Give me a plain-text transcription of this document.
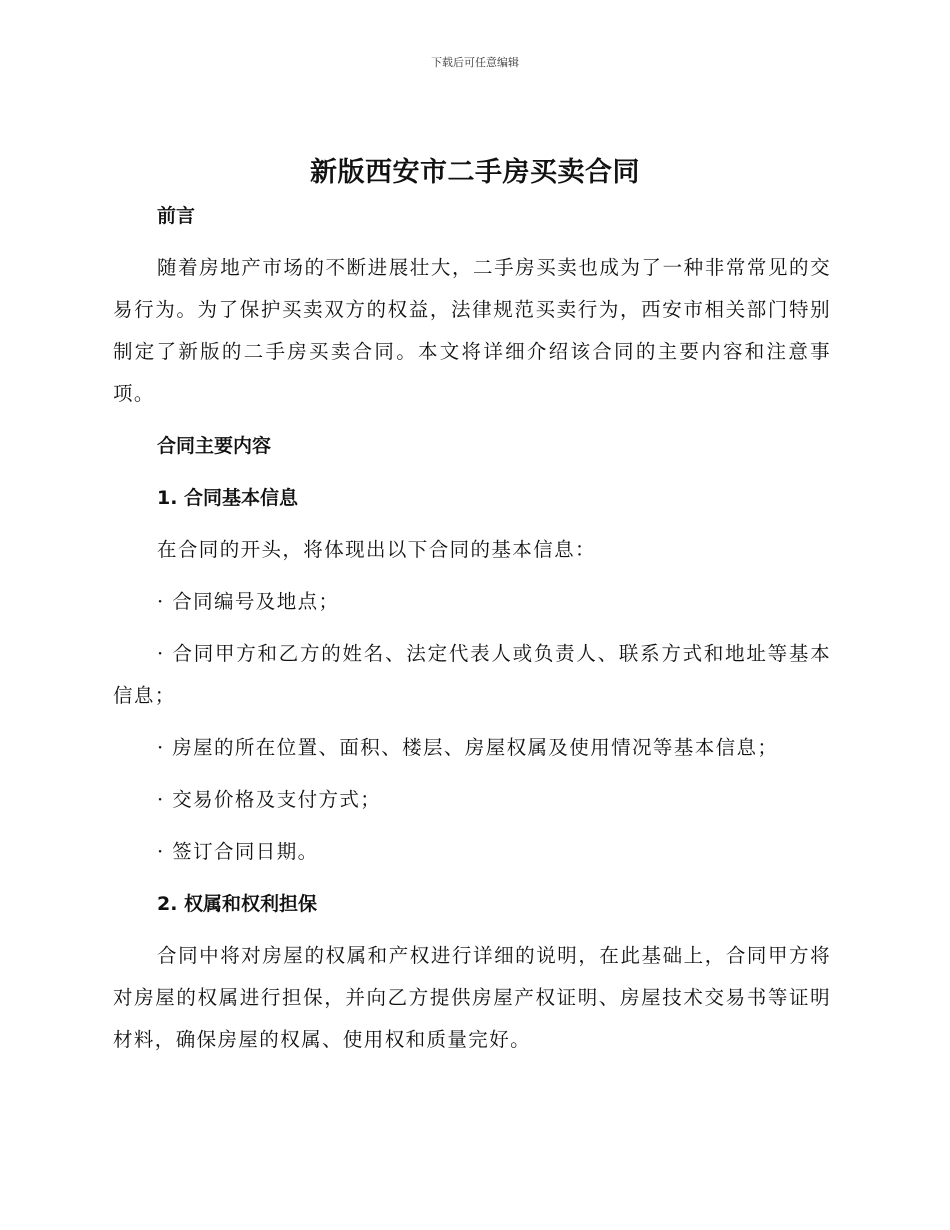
下载后可任意编辑
新版西安市二手房买卖合同

前言

随着房地产市场的不断进展壮大，二手房买卖也成为了一种非常常见的交易行为。为了保护买卖双方的权益，法律规范买卖行为，西安市相关部门特别制定了新版的二手房买卖合同。本文将详细介绍该合同的主要内容和注意事项。

合同主要内容

1. 合同基本信息

在合同的开头，将体现出以下合同的基本信息：

· 合同编号及地点；

· 合同甲方和乙方的姓名、法定代表人或负责人、联系方式和地址等基本信息；

· 房屋的所在位置、面积、楼层、房屋权属及使用情况等基本信息；

· 交易价格及支付方式；

· 签订合同日期。

2. 权属和权利担保

合同中将对房屋的权属和产权进行详细的说明，在此基础上，合同甲方将对房屋的权属进行担保，并向乙方提供房屋产权证明、房屋技术交易书等证明材料，确保房屋的权属、使用权和质量完好。
